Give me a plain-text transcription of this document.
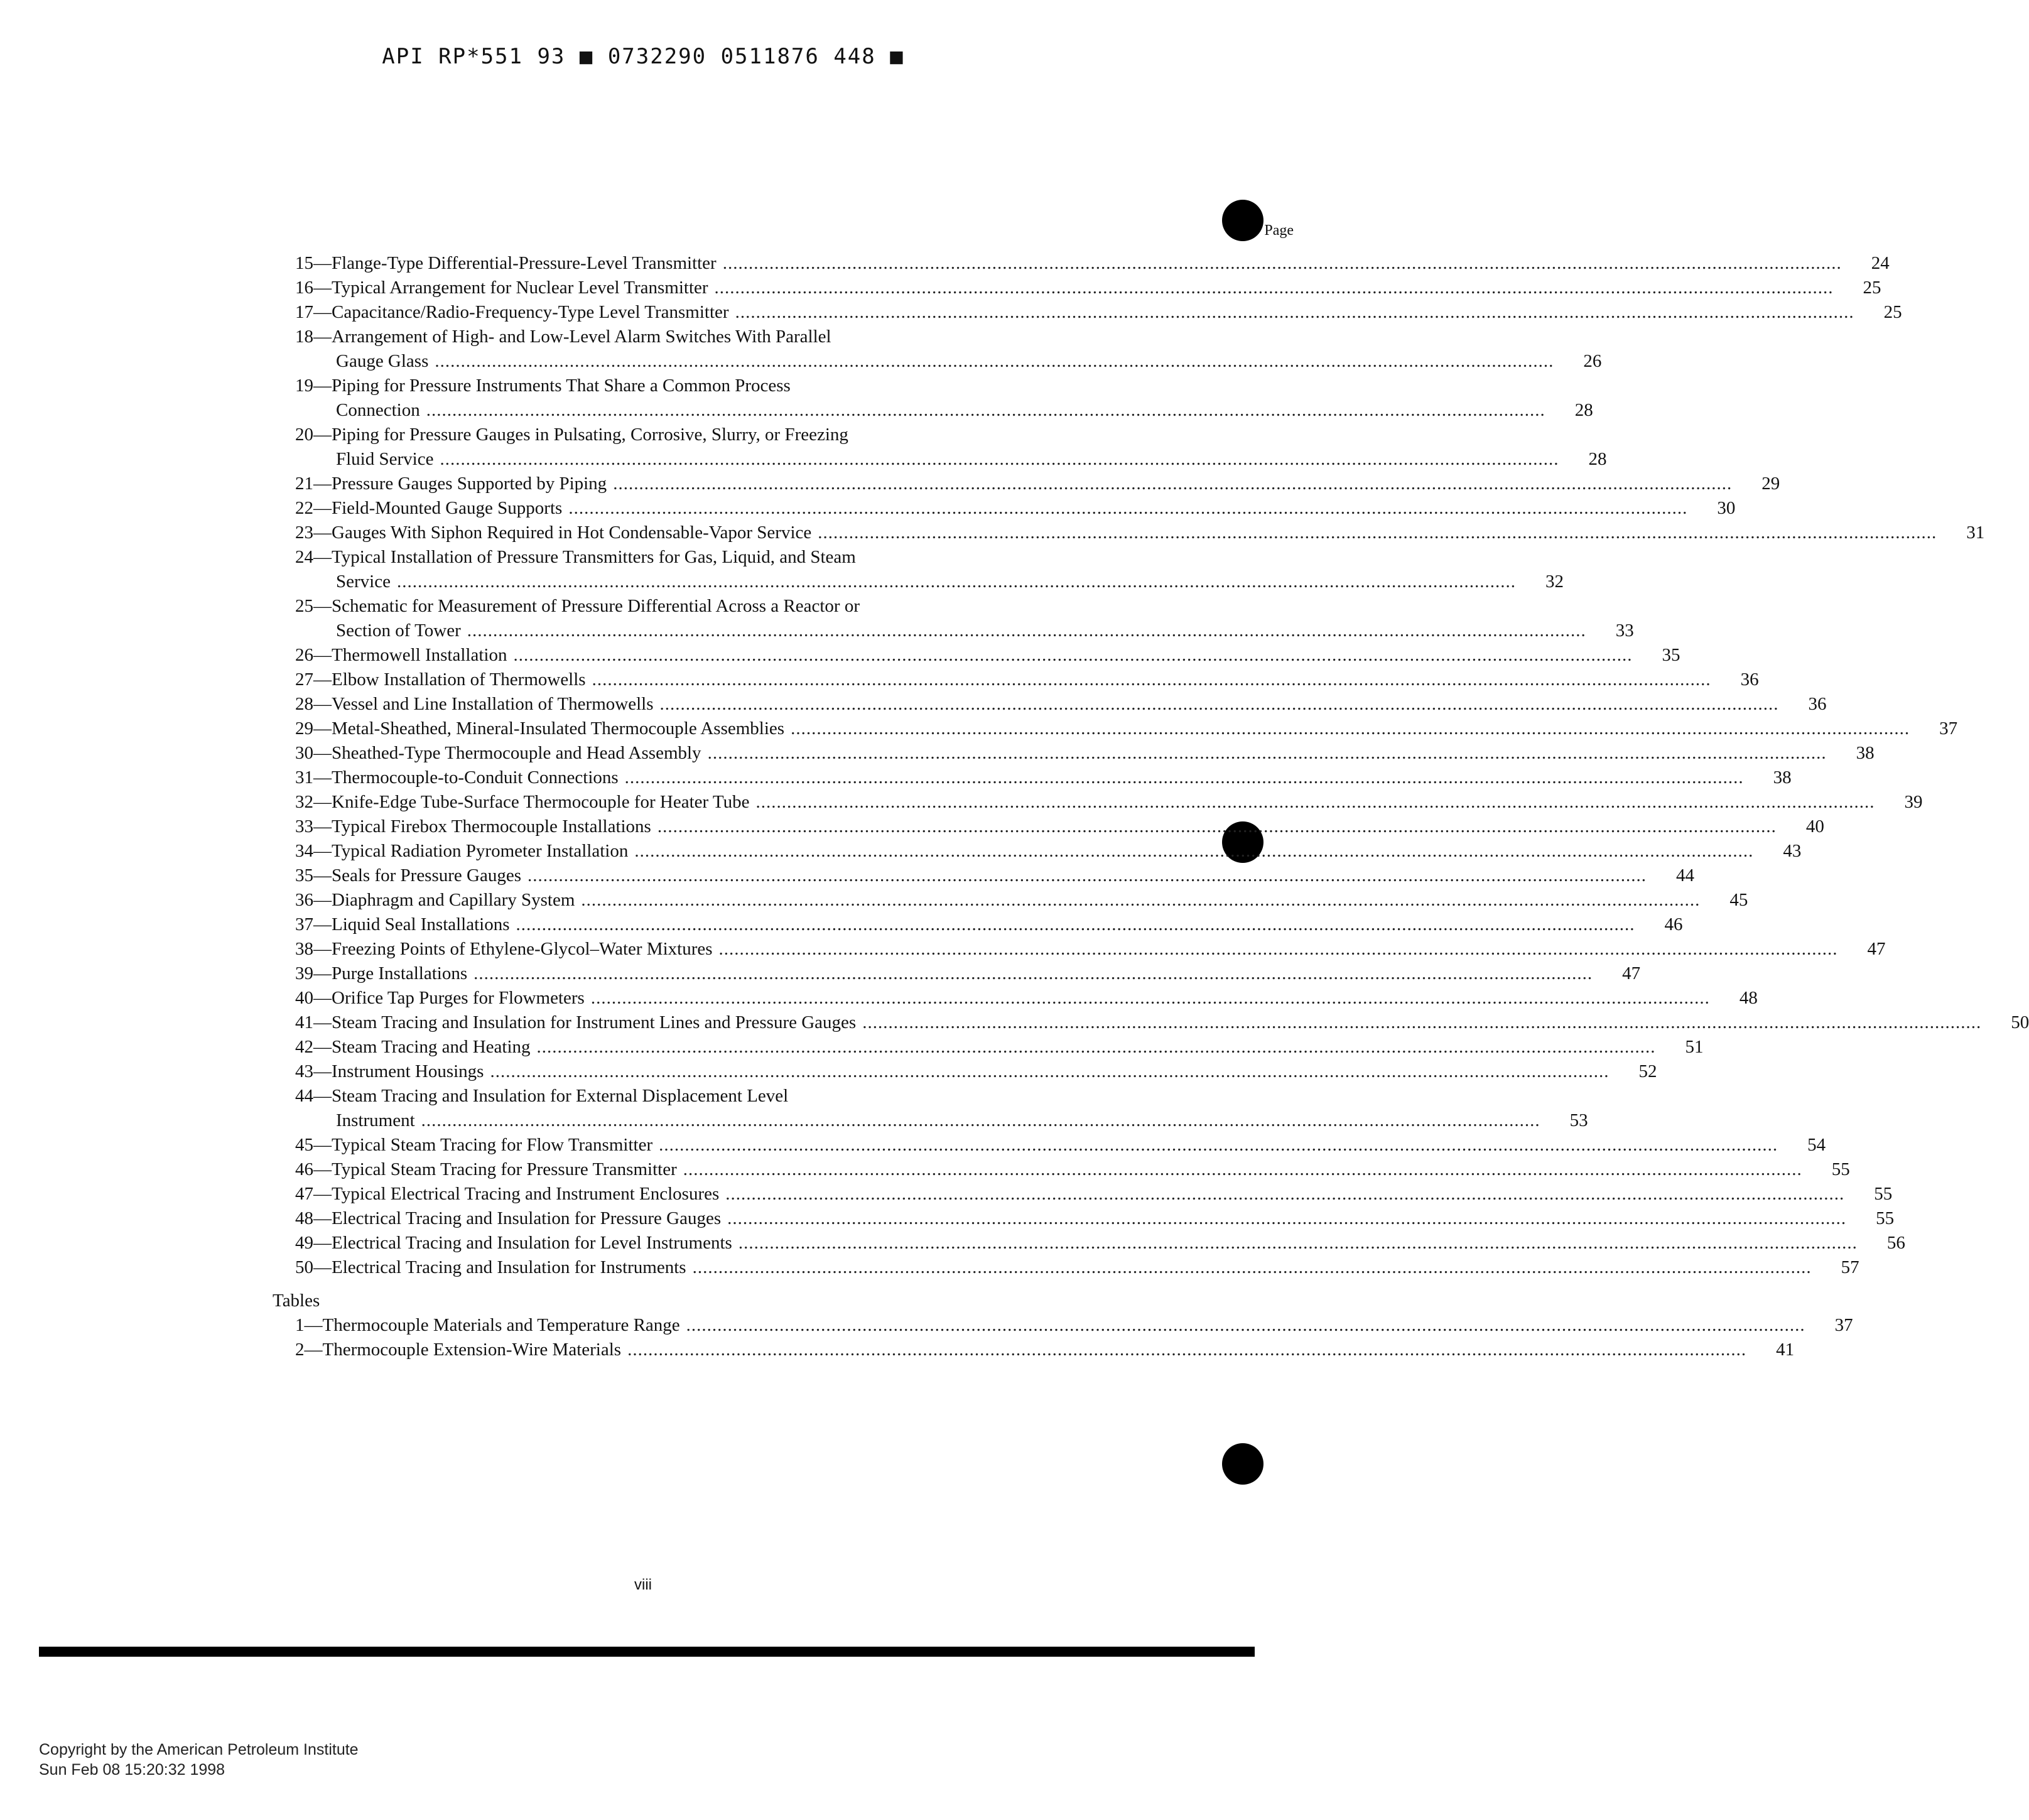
API RP*551 93 ■ 0732290 0511876 448 ■
Page
15—Flange-Type Differential-Pressure-Level Transmitter .....	24
16—Typical Arrangement for Nuclear Level Transmitter .....	25
17—Capacitance/Radio-Frequency-Type Level Transmitter .....	25
18—Arrangement of High- and Low-Level Alarm Switches With Parallel
Gauge Glass .....	26
19—Piping for Pressure Instruments That Share a Common Process
Connection .....	28
20—Piping for Pressure Gauges in Pulsating, Corrosive, Slurry, or Freezing
Fluid Service .....	28
21—Pressure Gauges Supported by Piping .....	29
22—Field-Mounted Gauge Supports .....	30
23—Gauges With Siphon Required in Hot Condensable-Vapor Service .....	31
24—Typical Installation of Pressure Transmitters for Gas, Liquid, and Steam
Service .....	32
25—Schematic for Measurement of Pressure Differential Across a Reactor or
Section of Tower .....	33
26—Thermowell Installation .....	35
27—Elbow Installation of Thermowells .....	36
28—Vessel and Line Installation of Thermowells .....	36
29—Metal-Sheathed, Mineral-Insulated Thermocouple Assemblies .....	37
30—Sheathed-Type Thermocouple and Head Assembly .....	38
31—Thermocouple-to-Conduit Connections .....	38
32—Knife-Edge Tube-Surface Thermocouple for Heater Tube .....	39
33—Typical Firebox Thermocouple Installations .....	40
34—Typical Radiation Pyrometer Installation .....	43
35—Seals for Pressure Gauges .....	44
36—Diaphragm and Capillary System .....	45
37—Liquid Seal Installations .....	46
38—Freezing Points of Ethylene-Glycol–Water Mixtures .....	47
39—Purge Installations .....	47
40—Orifice Tap Purges for Flowmeters .....	48
41—Steam Tracing and Insulation for Instrument Lines and Pressure Gauges .....	50
42—Steam Tracing and Heating .....	51
43—Instrument Housings .....	52
44—Steam Tracing and Insulation for External Displacement Level
Instrument .....	53
45—Typical Steam Tracing for Flow Transmitter .....	54
46—Typical Steam Tracing for Pressure Transmitter .....	55
47—Typical Electrical Tracing and Instrument Enclosures .....	55
48—Electrical Tracing and Insulation for Pressure Gauges .....	55
49—Electrical Tracing and Insulation for Level Instruments .....	56
50—Electrical Tracing and Insulation for Instruments .....	57
Tables
1—Thermocouple Materials and Temperature Range .....	37
2—Thermocouple Extension-Wire Materials .....	41
viii
Copyright by the American Petroleum Institute
Sun Feb 08 15:20:32 1998
